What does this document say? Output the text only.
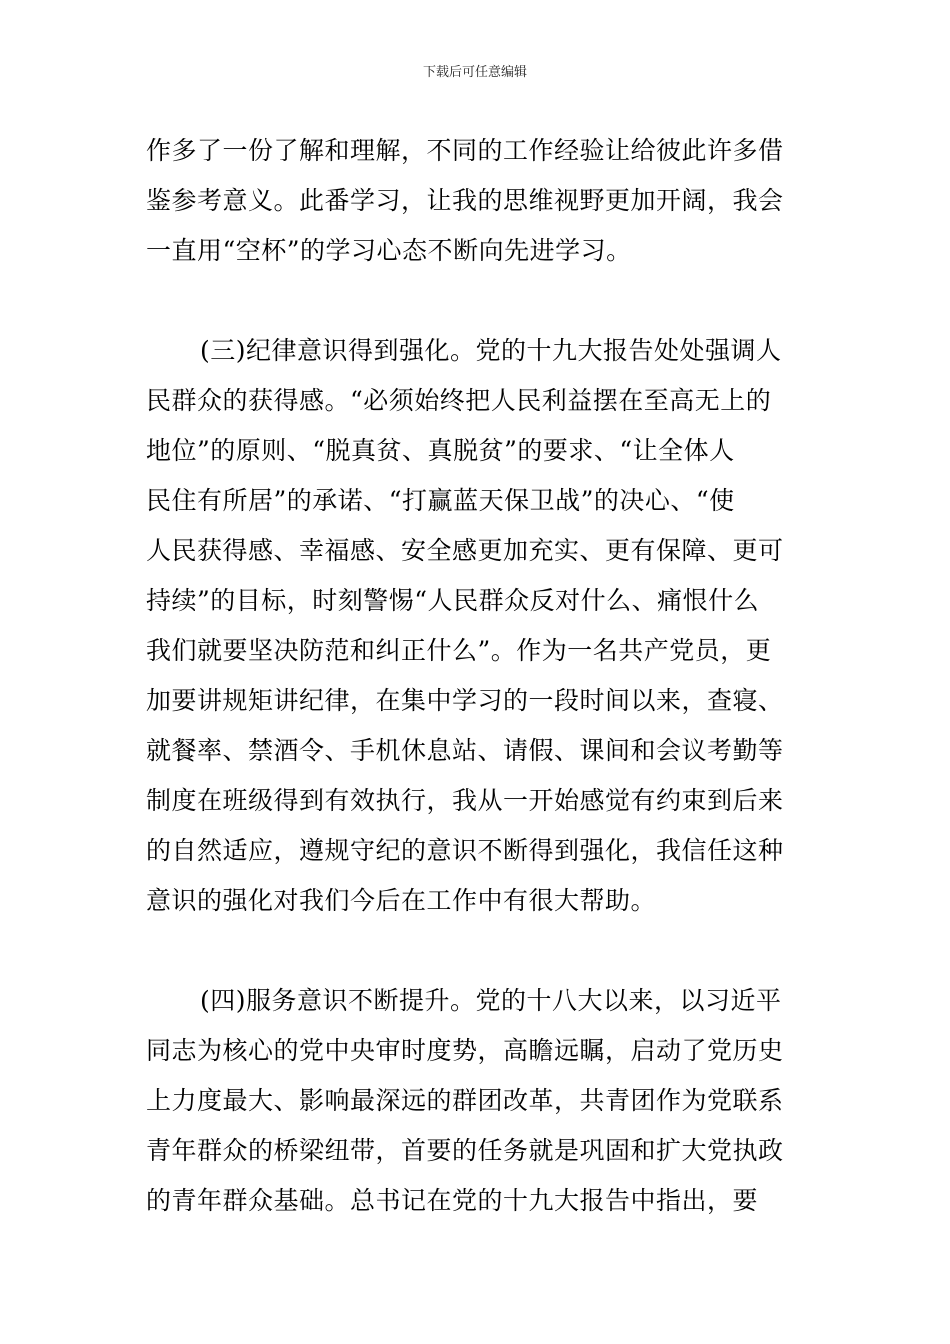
下载后可任意编辑
作多了一份了解和理解，不同的工作经验让给彼此许多借
鉴参考意义。此番学习，让我的思维视野更加开阔，我会
一直用“空杯”的学习心态不断向先进学习。
(三)纪律意识得到强化。党的十九大报告处处强调人
民群众的获得感。“必须始终把人民利益摆在至高无上的
地位”的原则、“脱真贫、真脱贫”的要求、“让全体人
民住有所居”的承诺、“打赢蓝天保卫战”的决心、“使
人民获得感、幸福感、安全感更加充实、更有保障、更可
持续”的目标，时刻警惕“人民群众反对什么、痛恨什么
我们就要坚决防范和纠正什么”。作为一名共产党员，更
加要讲规矩讲纪律，在集中学习的一段时间以来，查寝、
就餐率、禁酒令、手机休息站、请假、课间和会议考勤等
制度在班级得到有效执行，我从一开始感觉有约束到后来
的自然适应，遵规守纪的意识不断得到强化，我信任这种
意识的强化对我们今后在工作中有很大帮助。
(四)服务意识不断提升。党的十八大以来，以习近平
同志为核心的党中央审时度势，高瞻远瞩，启动了党历史
上力度最大、影响最深远的群团改革，共青团作为党联系
青年群众的桥梁纽带，首要的任务就是巩固和扩大党执政
的青年群众基础。总书记在党的十九大报告中指出，要
